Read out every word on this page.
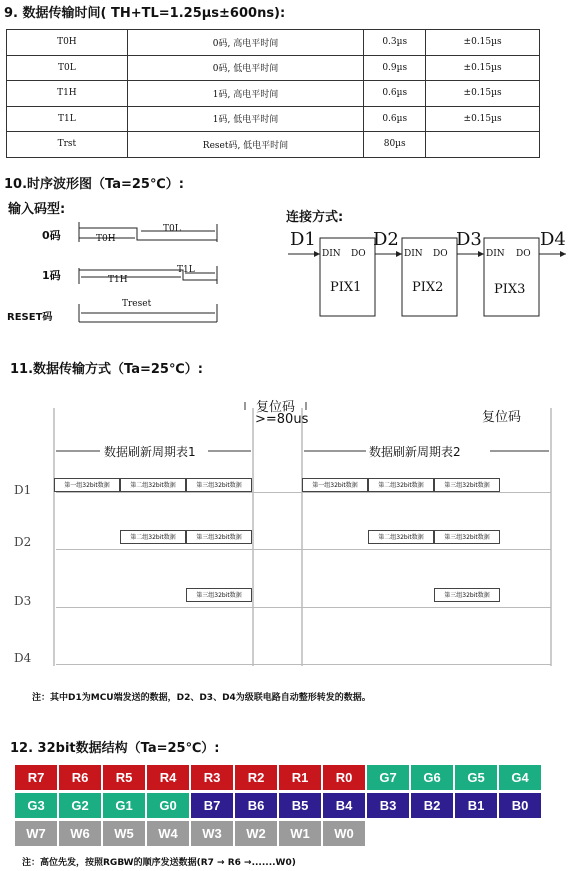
9. 数据传输时间( TH+TL=1.25µs±600ns):
T0H	0码, 高电平时间	0.3µs	±0.15µs
T0L	0码, 低电平时间	0.9µs	±0.15µs
T1H	1码, 高电平时间	0.6µs	±0.15µs
T1L	1码, 低电平时间	0.6µs	±0.15µs
Trst	Reset码, 低电平时间	80µs	
10.时序波形图（Ta=25℃）:
输入码型:
0码
1码
RESET码
T0H
T0L
T1H
T1L
Treset
连接方式:
D1	D2	D3	D4
DIN DO	DIN DO	DIN DO
PIX1	PIX2	PIX3
11.数据传输方式（Ta=25℃）:
复位码
>=80us	复位码
数据刷新周期表1	数据刷新周期表2
D1
D2
D3
D4
第一组32bit数据	第二组32bit数据	第三组32bit数据	第一组32bit数据	第二组32bit数据	第三组32bit数据
第二组32bit数据	第三组32bit数据	第二组32bit数据	第三组32bit数据
第三组32bit数据	第三组32bit数据
注：其中D1为MCU端发送的数据，D2、D3、D4为级联电路自动整形转发的数据。
12. 32bit数据结构（Ta=25℃）:
R7	R6	R5	R4	R3	R2	R1	R0	G7	G6	G5	G4
G3	G2	G1	G0	B7	B6	B5	B4	B3	B2	B1	B0
W7	W6	W5	W4	W3	W2	W1	W0
注：高位先发，按照RGBW的顺序发送数据(R7 → R6 →.......W0)
